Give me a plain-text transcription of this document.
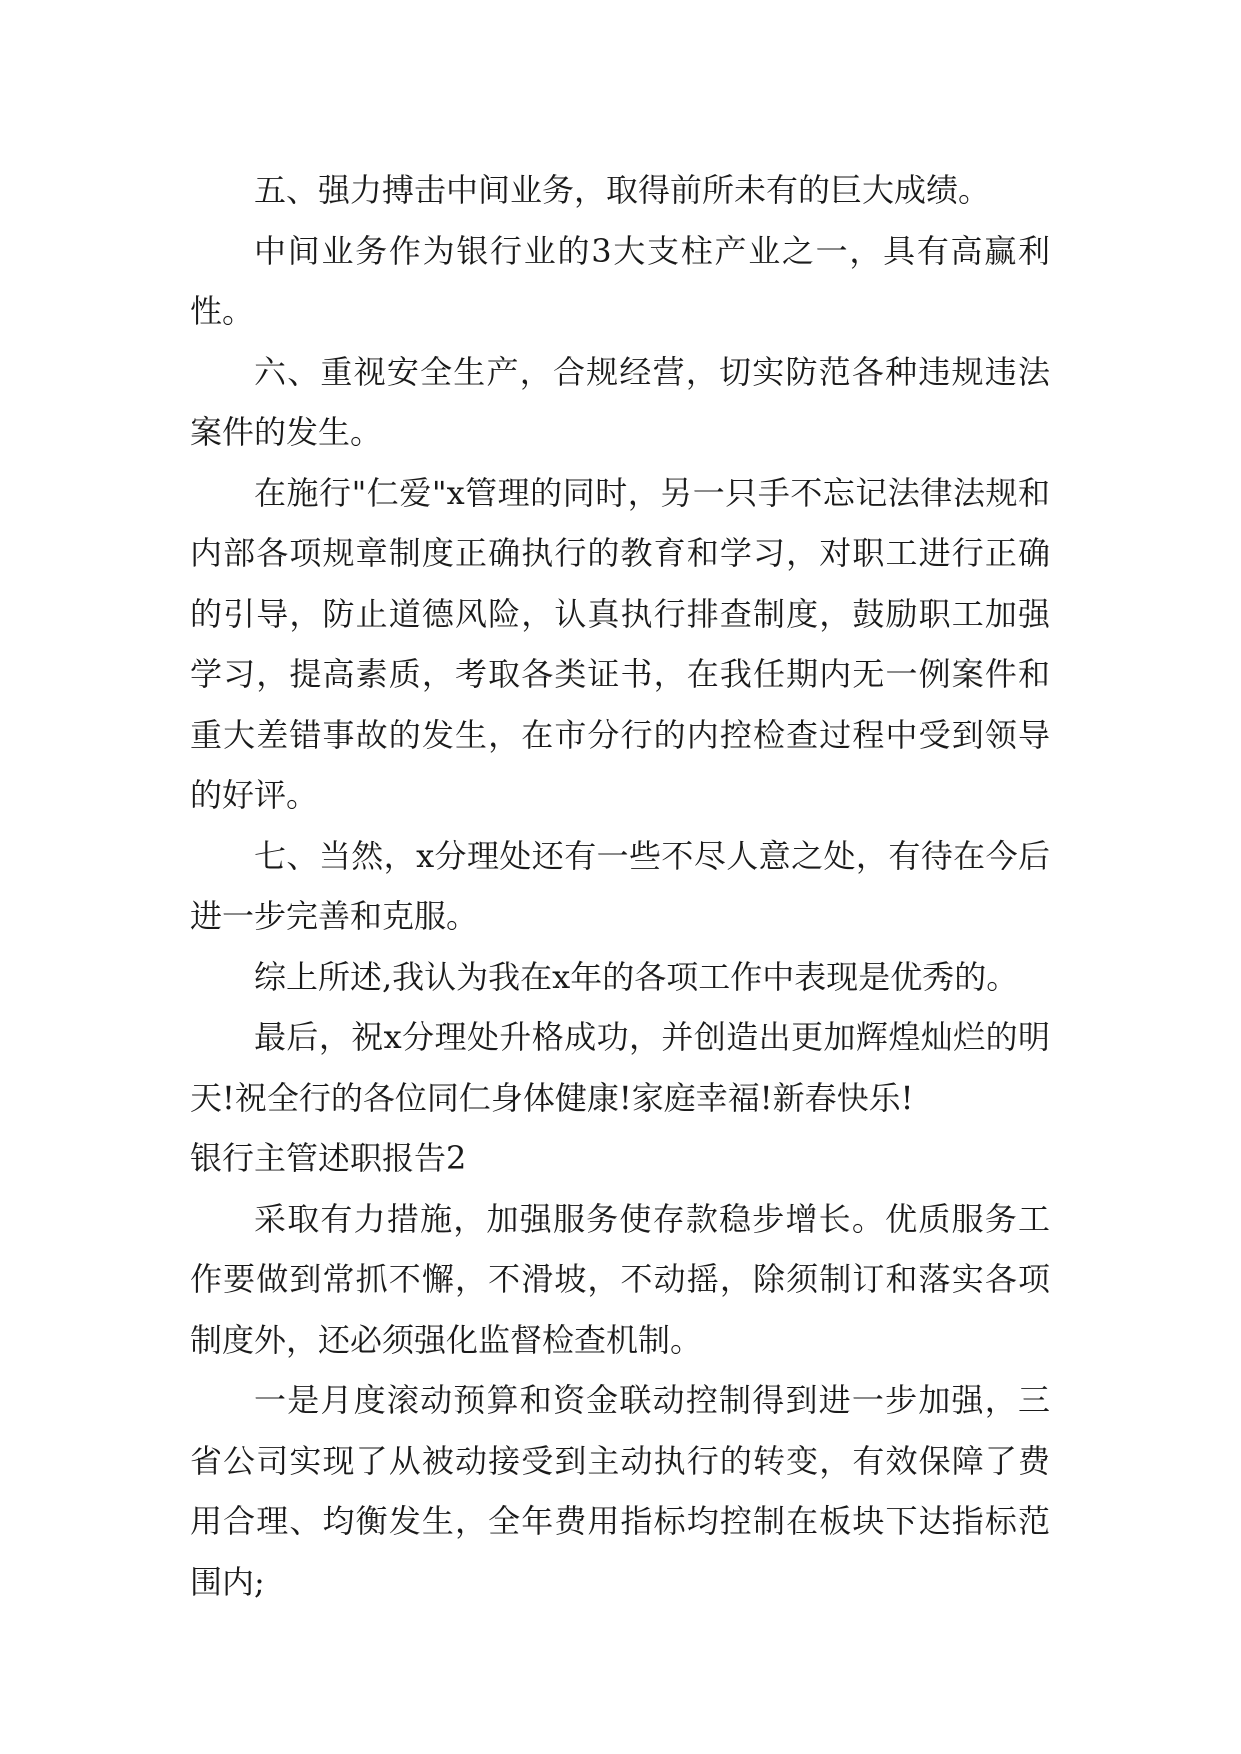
五、强力搏击中间业务，取得前所未有的巨大成绩。

中间业务作为银行业的3大支柱产业之一，具有高赢利性。

六、重视安全生产，合规经营，切实防范各种违规违法案件的发生。

在施行"仁爱"x管理的同时，另一只手不忘记法律法规和内部各项规章制度正确执行的教育和学习，对职工进行正确的引导，防止道德风险，认真执行排查制度，鼓励职工加强学习，提高素质，考取各类证书，在我任期内无一例案件和重大差错事故的发生，在市分行的内控检查过程中受到领导的好评。

七、当然，x分理处还有一些不尽人意之处，有待在今后进一步完善和克服。

综上所述,我认为我在x年的各项工作中表现是优秀的。

最后，祝x分理处升格成功，并创造出更加辉煌灿烂的明天!祝全行的各位同仁身体健康!家庭幸福!新春快乐!

银行主管述职报告2

采取有力措施，加强服务使存款稳步增长。优质服务工作要做到常抓不懈，不滑坡，不动摇，除须制订和落实各项制度外，还必须强化监督检查机制。

一是月度滚动预算和资金联动控制得到进一步加强，三省公司实现了从被动接受到主动执行的转变，有效保障了费用合理、均衡发生，全年费用指标均控制在板块下达指标范围内;
